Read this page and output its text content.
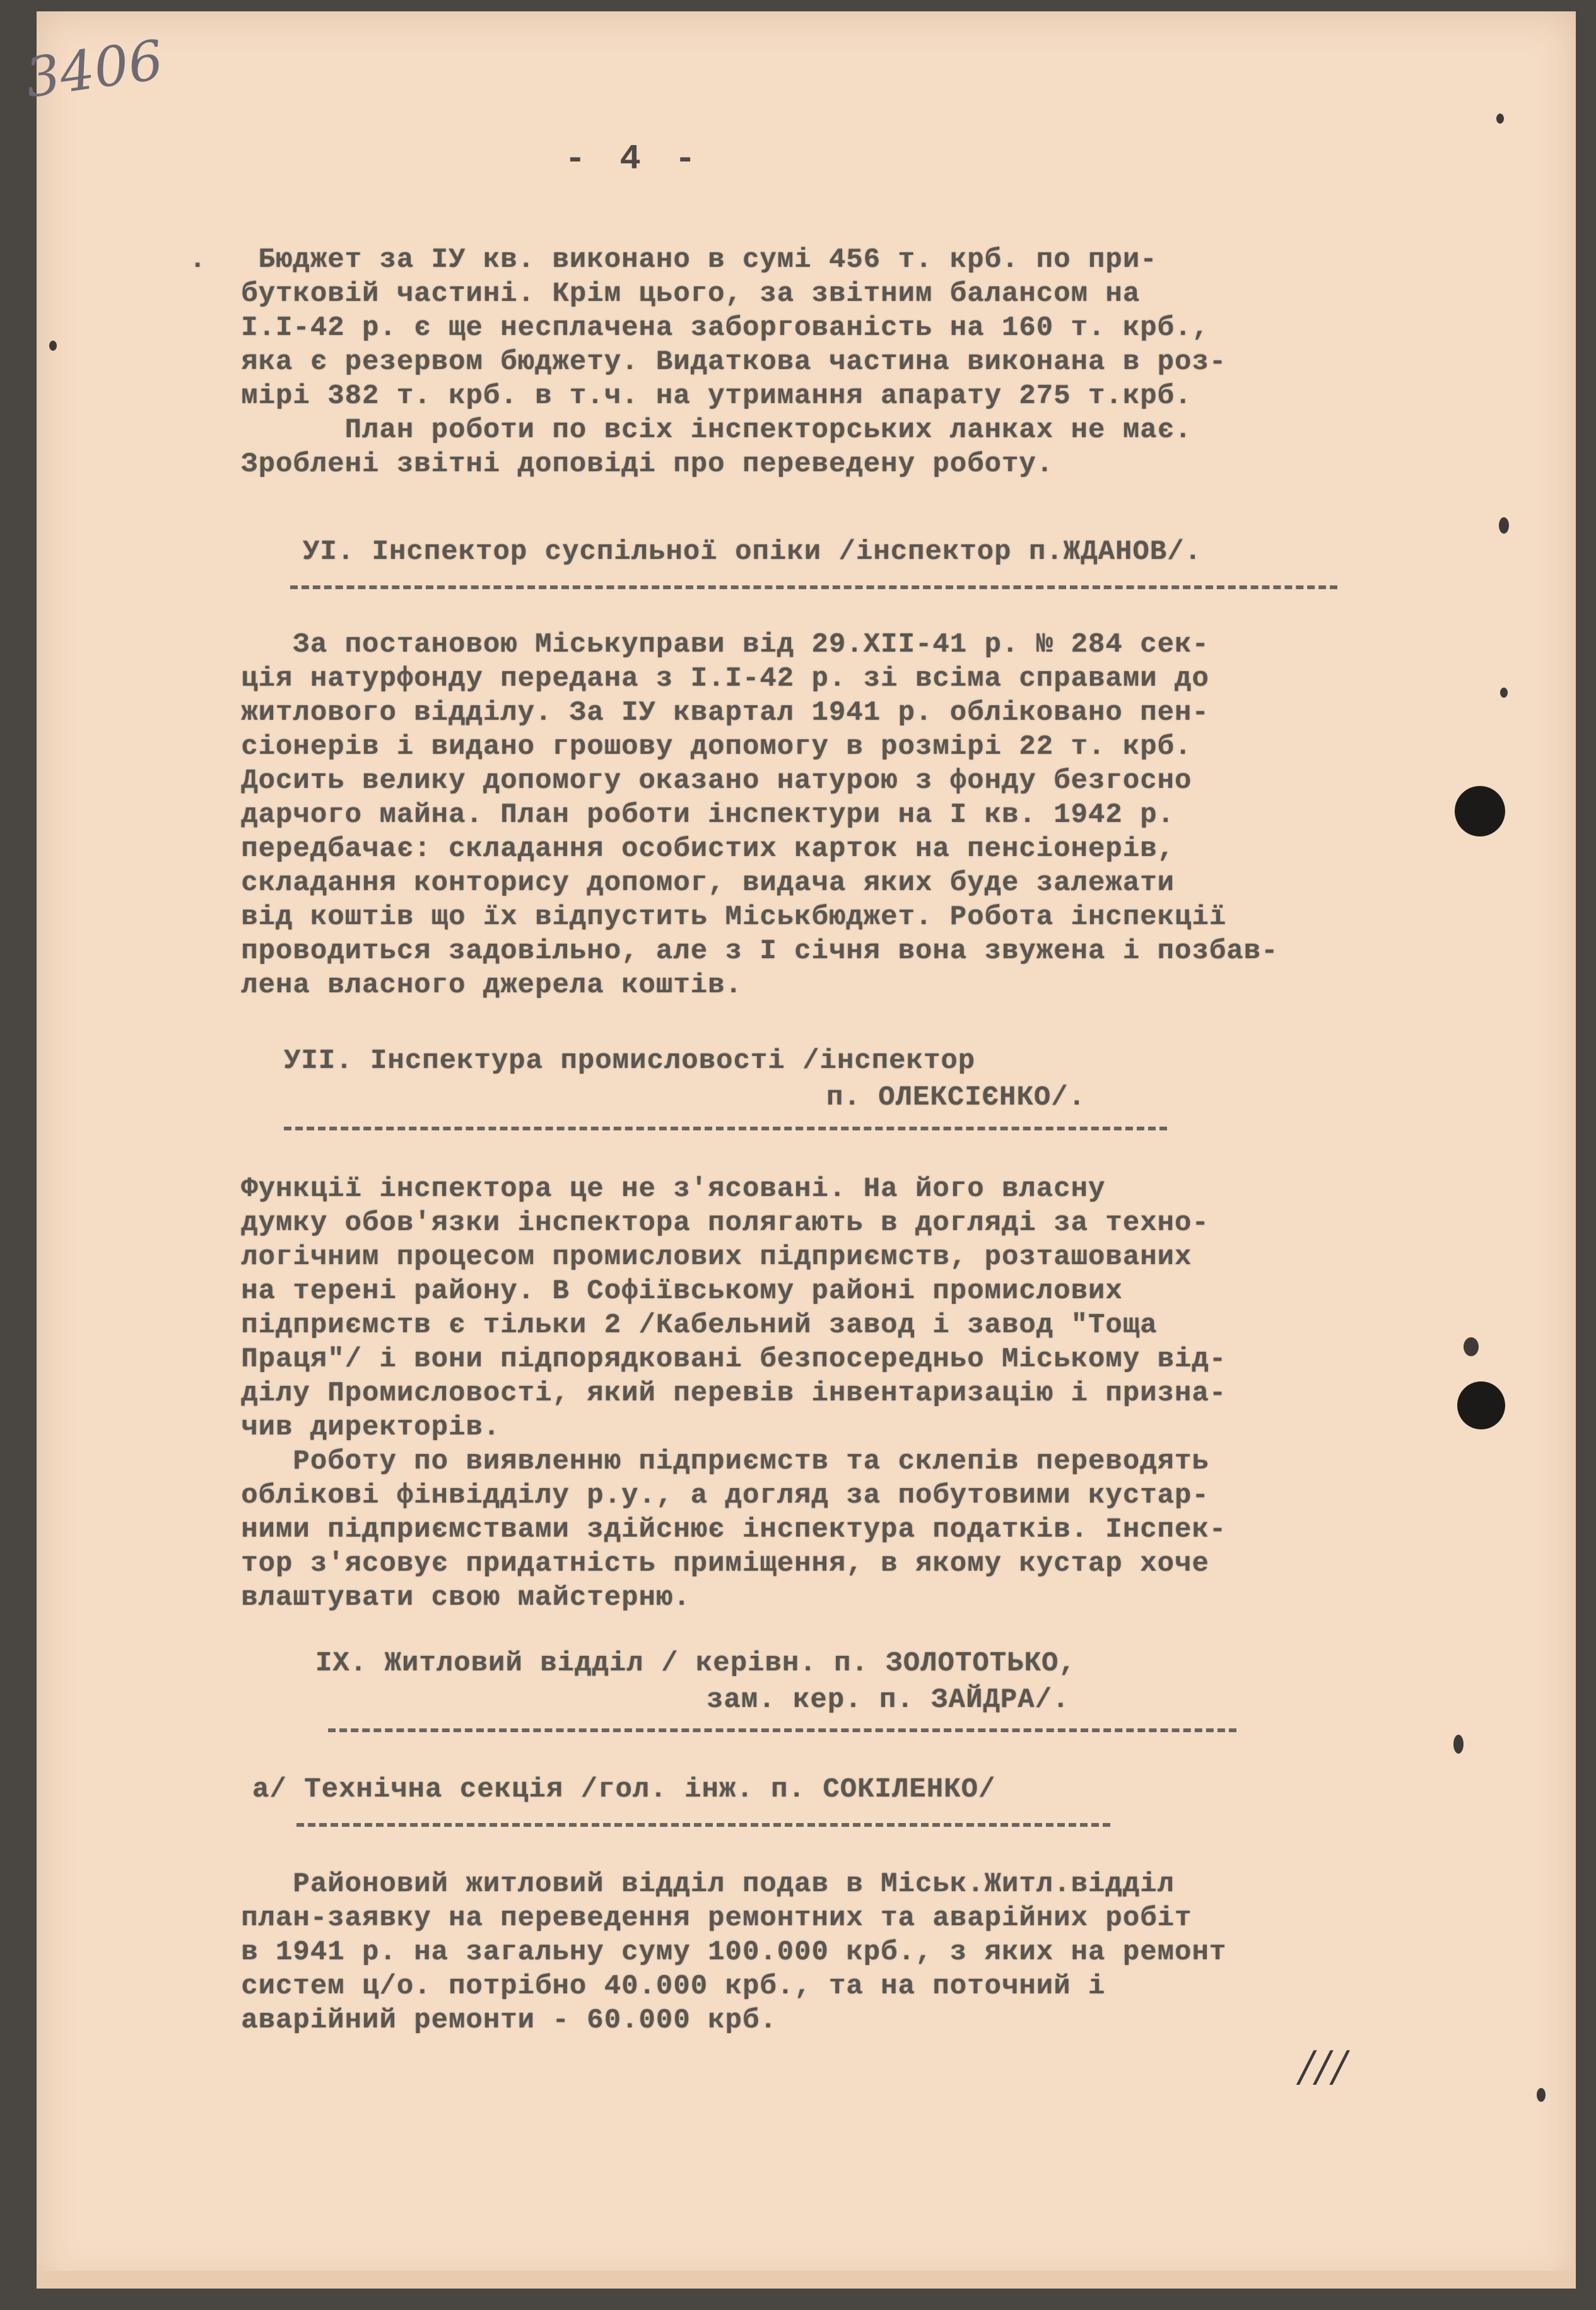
3406
- 4 -
.   Бюджет за ІУ кв. виконано в сумі 456 т. крб. по при-
бутковій частині. Крім цього, за звітним балансом на
І.І-42 р. є ще несплачена заборгованість на 160 т. крб.,
яка є резервом бюджету. Видаткова частина виконана в роз-
мірі 382 т. крб. в т.ч. на утримання апарату 275 т.крб.
План роботи по всіх інспекторських ланках не має.
Зроблені звітні доповіді про переведену роботу.
УІ. Інспектор суспільної опіки /інспектор п.ЖДАНОВ/.
За постановою Міськуправи від 29.ХІІ-41 р. № 284 сек-
ція натурфонду передана з І.І-42 р. зі всіма справами до
житлового відділу. За ІУ квартал 1941 р. обліковано пен-
сіонерів і видано грошову допомогу в розмірі 22 т. крб.
Досить велику допомогу оказано натурою з фонду безгосно
дарчого майна. План роботи інспектури на І кв. 1942 р.
передбачає: складання особистих карток на пенсіонерів,
складання конторису допомог, видача яких буде залежати
від коштів що їх відпустить Міськбюджет. Робота інспекції
проводиться задовільно, але з І січня вона звужена і позбав-
лена власного джерела коштів.
УІІ. Інспектура промисловості /інспектор
п. ОЛЕКСІЄНКО/.
Функції інспектора це не з'ясовані. На його власну
думку обов'язки інспектора полягають в догляді за техно-
логічним процесом промислових підприємств, розташованих
на терені району. В Софіївському районі промислових
підприємств є тільки 2 /Кабельний завод і завод "Тоща
Праця"/ і вони підпорядковані безпосередньо Міському від-
ділу Промисловості, який перевів інвентаризацію і призна-
чив директорів.
Роботу по виявленню підприємств та склепів переводять
облікові фінвідділу р.у., а догляд за побутовими кустар-
ними підприємствами здійснює інспектура податків. Інспек-
тор з'ясовує придатність приміщення, в якому кустар хоче
влаштувати свою майстерню.
ІХ. Житловий відділ / керівн. п. ЗОЛОТОТЬКО,
зам. кер. п. ЗАЙДРА/.
а/ Технічна секція /гол. інж. п. СОКІЛЕНКО/
Районовий житловий відділ подав в Міськ.Житл.відділ
план-заявку на переведення ремонтних та аварійних робіт
в 1941 р. на загальну суму 100.000 крб., з яких на ремонт
систем ц/о. потрібно 40.000 крб., та на поточний і
аварійний ремонти - 60.000 крб.
///
